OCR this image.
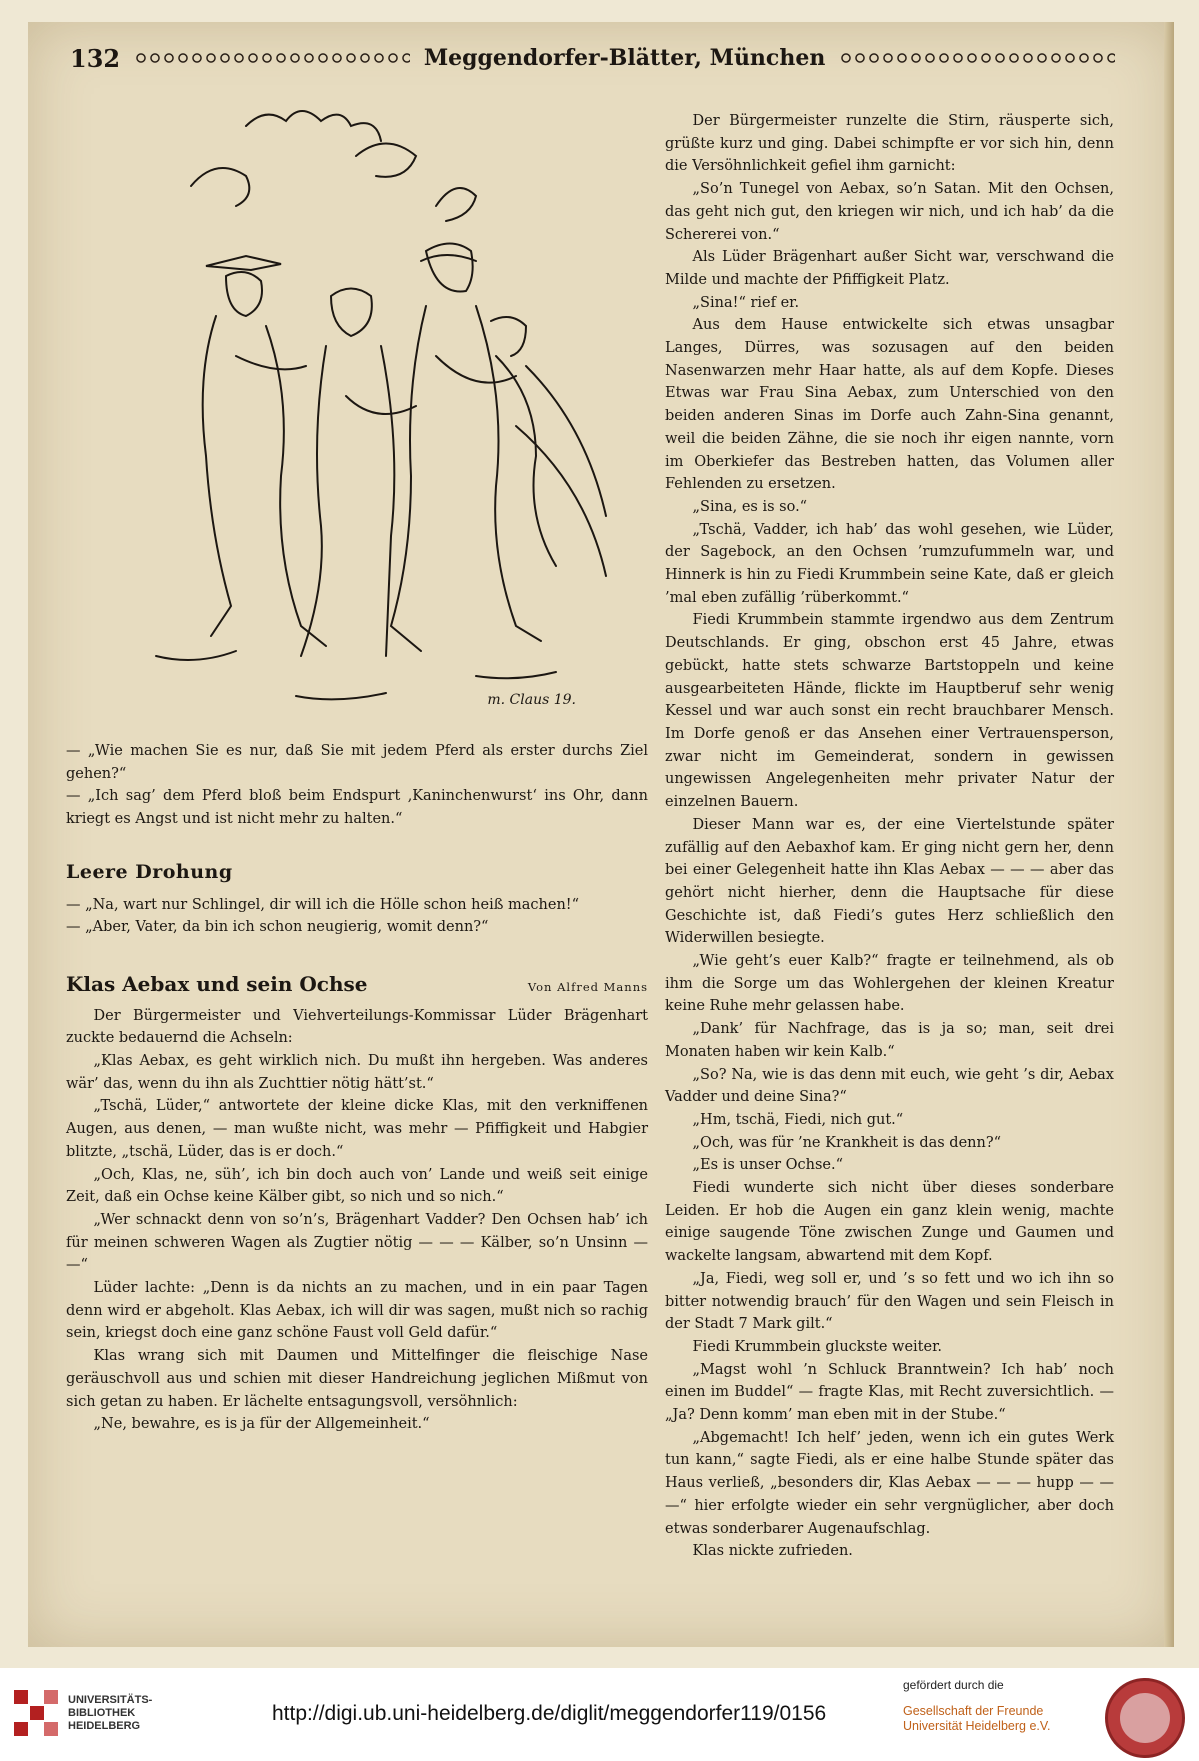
132	Meggendorfer-Blätter, München
m. Claus 19.

— „Wie machen Sie es nur, daß Sie mit jedem Pferd als erster durchs Ziel gehen?“

— „Ich sag’ dem Pferd bloß beim Endspurt ‚Kaninchenwurst‘ ins Ohr, dann kriegt es Angst und ist nicht mehr zu halten.“

Leere Drohung

— „Na, wart nur Schlingel, dir will ich die Hölle schon heiß machen!“

— „Aber, Vater, da bin ich schon neugierig, womit denn?“

Klas Aebax und sein Ochse	Von Alfred Manns

Der Bürgermeister und Viehverteilungs-Kommissar Lüder Brägenhart zuckte bedauernd die Achseln:

„Klas Aebax, es geht wirklich nich. Du mußt ihn hergeben. Was anderes wär’ das, wenn du ihn als Zuchttier nötig hätt’st.“

„Tschä, Lüder,“ antwortete der kleine dicke Klas, mit den verkniffenen Augen, aus denen, — man wußte nicht, was mehr — Pfiffigkeit und Habgier blitzte, „tschä, Lüder, das is er doch.“

„Och, Klas, ne, süh’, ich bin doch auch von’ Lande und weiß seit einige Zeit, daß ein Ochse keine Kälber gibt, so nich und so nich.“

„Wer schnackt denn von so’n’s, Brägenhart Vadder? Den Ochsen hab’ ich für meinen schweren Wagen als Zugtier nötig — — — Kälber, so’n Unsinn — —“

Lüder lachte: „Denn is da nichts an zu machen, und in ein paar Tagen denn wird er abgeholt. Klas Aebax, ich will dir was sagen, mußt nich so rachig sein, kriegst doch eine ganz schöne Faust voll Geld dafür.“

Klas wrang sich mit Daumen und Mittelfinger die fleischige Nase geräuschvoll aus und schien mit dieser Handreichung jeglichen Mißmut von sich getan zu haben. Er lächelte entsagungsvoll, versöhnlich:

„Ne, bewahre, es is ja für der Allgemeinheit.“

Der Bürgermeister runzelte die Stirn, räusperte sich, grüßte kurz und ging. Dabei schimpfte er vor sich hin, denn die Versöhnlichkeit gefiel ihm garnicht:

„So’n Tunegel von Aebax, so’n Satan. Mit den Ochsen, das geht nich gut, den kriegen wir nich, und ich hab’ da die Schererei von.“

Als Lüder Brägenhart außer Sicht war, verschwand die Milde und machte der Pfiffigkeit Platz.

„Sina!“ rief er.

Aus dem Hause entwickelte sich etwas unsagbar Langes, Dürres, was sozusagen auf den beiden Nasenwarzen mehr Haar hatte, als auf dem Kopfe. Dieses Etwas war Frau Sina Aebax, zum Unterschied von den beiden anderen Sinas im Dorfe auch Zahn-Sina genannt, weil die beiden Zähne, die sie noch ihr eigen nannte, vorn im Oberkiefer das Bestreben hatten, das Volumen aller Fehlenden zu ersetzen.

„Sina, es is so.“

„Tschä, Vadder, ich hab’ das wohl gesehen, wie Lüder, der Sagebock, an den Ochsen ’rumzufummeln war, und Hinnerk is hin zu Fiedi Krummbein seine Kate, daß er gleich ’mal eben zufällig ’rüberkommt.“

Fiedi Krummbein stammte irgendwo aus dem Zentrum Deutschlands. Er ging, obschon erst 45 Jahre, etwas gebückt, hatte stets schwarze Bartstoppeln und keine ausgearbeiteten Hände, flickte im Hauptberuf sehr wenig Kessel und war auch sonst ein recht brauchbarer Mensch. Im Dorfe genoß er das Ansehen einer Vertrauensperson, zwar nicht im Gemeinderat, sondern in gewissen ungewissen Angelegenheiten mehr privater Natur der einzelnen Bauern.

Dieser Mann war es, der eine Viertelstunde später zufällig auf den Aebaxhof kam. Er ging nicht gern her, denn bei einer Gelegenheit hatte ihn Klas Aebax — — — aber das gehört nicht hierher, denn die Hauptsache für diese Geschichte ist, daß Fiedi’s gutes Herz schließlich den Widerwillen besiegte.

„Wie geht’s euer Kalb?“ fragte er teilnehmend, als ob ihm die Sorge um das Wohlergehen der kleinen Kreatur keine Ruhe mehr gelassen habe.

„Dank’ für Nachfrage, das is ja so; man, seit drei Monaten haben wir kein Kalb.“

„So? Na, wie is das denn mit euch, wie geht ’s dir, Aebax Vadder und deine Sina?“

„Hm, tschä, Fiedi, nich gut.“

„Och, was für ’ne Krankheit is das denn?“

„Es is unser Ochse.“

Fiedi wunderte sich nicht über dieses sonderbare Leiden. Er hob die Augen ein ganz klein wenig, machte einige saugende Töne zwischen Zunge und Gaumen und wackelte langsam, abwartend mit dem Kopf.

„Ja, Fiedi, weg soll er, und ’s so fett und wo ich ihn so bitter notwendig brauch’ für den Wagen und sein Fleisch in der Stadt 7 Mark gilt.“

Fiedi Krummbein gluckste weiter.

„Magst wohl ’n Schluck Branntwein? Ich hab’ noch einen im Buddel“ — fragte Klas, mit Recht zuversichtlich. — „Ja? Denn komm’ man eben mit in der Stube.“

„Abgemacht! Ich helf’ jeden, wenn ich ein gutes Werk tun kann,“ sagte Fiedi, als er eine halbe Stunde später das Haus verließ, „besonders dir, Klas Aebax — — — hupp — — —“ hier erfolgte wieder ein sehr vergnüglicher, aber doch etwas sonderbarer Augenaufschlag.

Klas nickte zufrieden.

UNIVERSITÄTS-
BIBLIOTHEK
HEIDELBERG
http://digi.ub.uni-heidelberg.de/diglit/meggendorfer119/0156
gefördert durch die
Gesellschaft der Freunde
Universität Heidelberg e.V.
